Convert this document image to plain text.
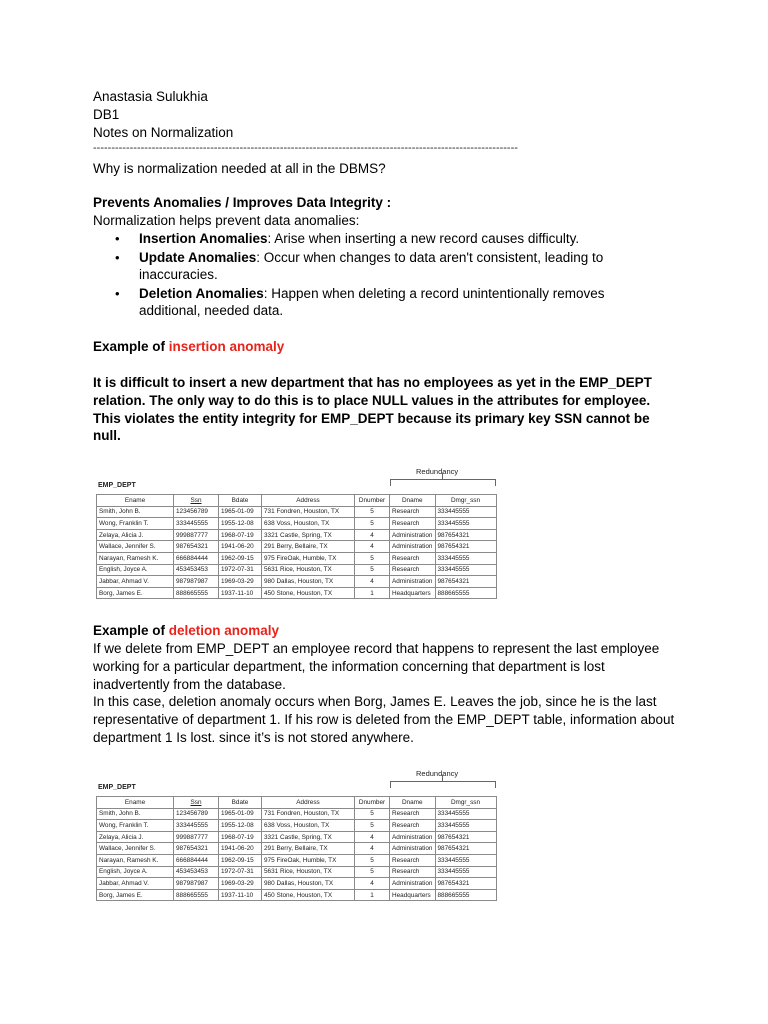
Anastasia Sulukhia
DB1
Notes on Normalization
--------------------------------------------------------------------------------------------------------------------
Why is normalization needed at all in the DBMS?
Prevents Anomalies / Improves Data Integrity :
Normalization helps prevent data anomalies:
• Insertion Anomalies: Arise when inserting a new record causes difficulty.
• Update Anomalies: Occur when changes to data aren't consistent, leading to inaccuracies.
• Deletion Anomalies: Happen when deleting a record unintentionally removes additional, needed data.
Example of insertion anomaly
It is difficult to insert a new department that has no employees as yet in the EMP_DEPT relation. The only way to do this is to place NULL values in the attributes for employee. This violates the entity integrity for EMP_DEPT because its primary key SSN cannot be null.
Redundancy
EMP_DEPT
Ename	Ssn	Bdate	Address	Dnumber	Dname	Dmgr_ssn
Smith, John B.	123456789	1965-01-09	731 Fondren, Houston, TX	5	Research	333445555
Wong, Franklin T.	333445555	1955-12-08	638 Voss, Houston, TX	5	Research	333445555
Zelaya, Alicia J.	999887777	1968-07-19	3321 Castle, Spring, TX	4	Administration	987654321
Wallace, Jennifer S.	987654321	1941-06-20	291 Berry, Bellaire, TX	4	Administration	987654321
Narayan, Ramesh K.	666884444	1962-09-15	975 FireOak, Humble, TX	5	Research	333445555
English, Joyce A.	453453453	1972-07-31	5631 Rice, Houston, TX	5	Research	333445555
Jabbar, Ahmad V.	987987987	1969-03-29	980 Dallas, Houston, TX	4	Administration	987654321
Borg, James E.	888665555	1937-11-10	450 Stone, Houston, TX	1	Headquarters	888665555
Example of deletion anomaly
If we delete from EMP_DEPT an employee record that happens to represent the last employee working for a particular department, the information concerning that department is lost inadvertently from the database.
In this case, deletion anomaly occurs when Borg, James E. Leaves the job, since he is the last representative of department 1. If his row is deleted from the EMP_DEPT table, information about department 1 Is lost. since it’s is not stored anywhere.
Redundancy
EMP_DEPT
Ename	Ssn	Bdate	Address	Dnumber	Dname	Dmgr_ssn
Smith, John B.	123456789	1965-01-09	731 Fondren, Houston, TX	5	Research	333445555
Wong, Franklin T.	333445555	1955-12-08	638 Voss, Houston, TX	5	Research	333445555
Zelaya, Alicia J.	999887777	1968-07-19	3321 Castle, Spring, TX	4	Administration	987654321
Wallace, Jennifer S.	987654321	1941-06-20	291 Berry, Bellaire, TX	4	Administration	987654321
Narayan, Ramesh K.	666884444	1962-09-15	975 FireOak, Humble, TX	5	Research	333445555
English, Joyce A.	453453453	1972-07-31	5631 Rice, Houston, TX	5	Research	333445555
Jabbar, Ahmad V.	987987987	1969-03-29	980 Dallas, Houston, TX	4	Administration	987654321
Borg, James E.	888665555	1937-11-10	450 Stone, Houston, TX	1	Headquarters	888665555
